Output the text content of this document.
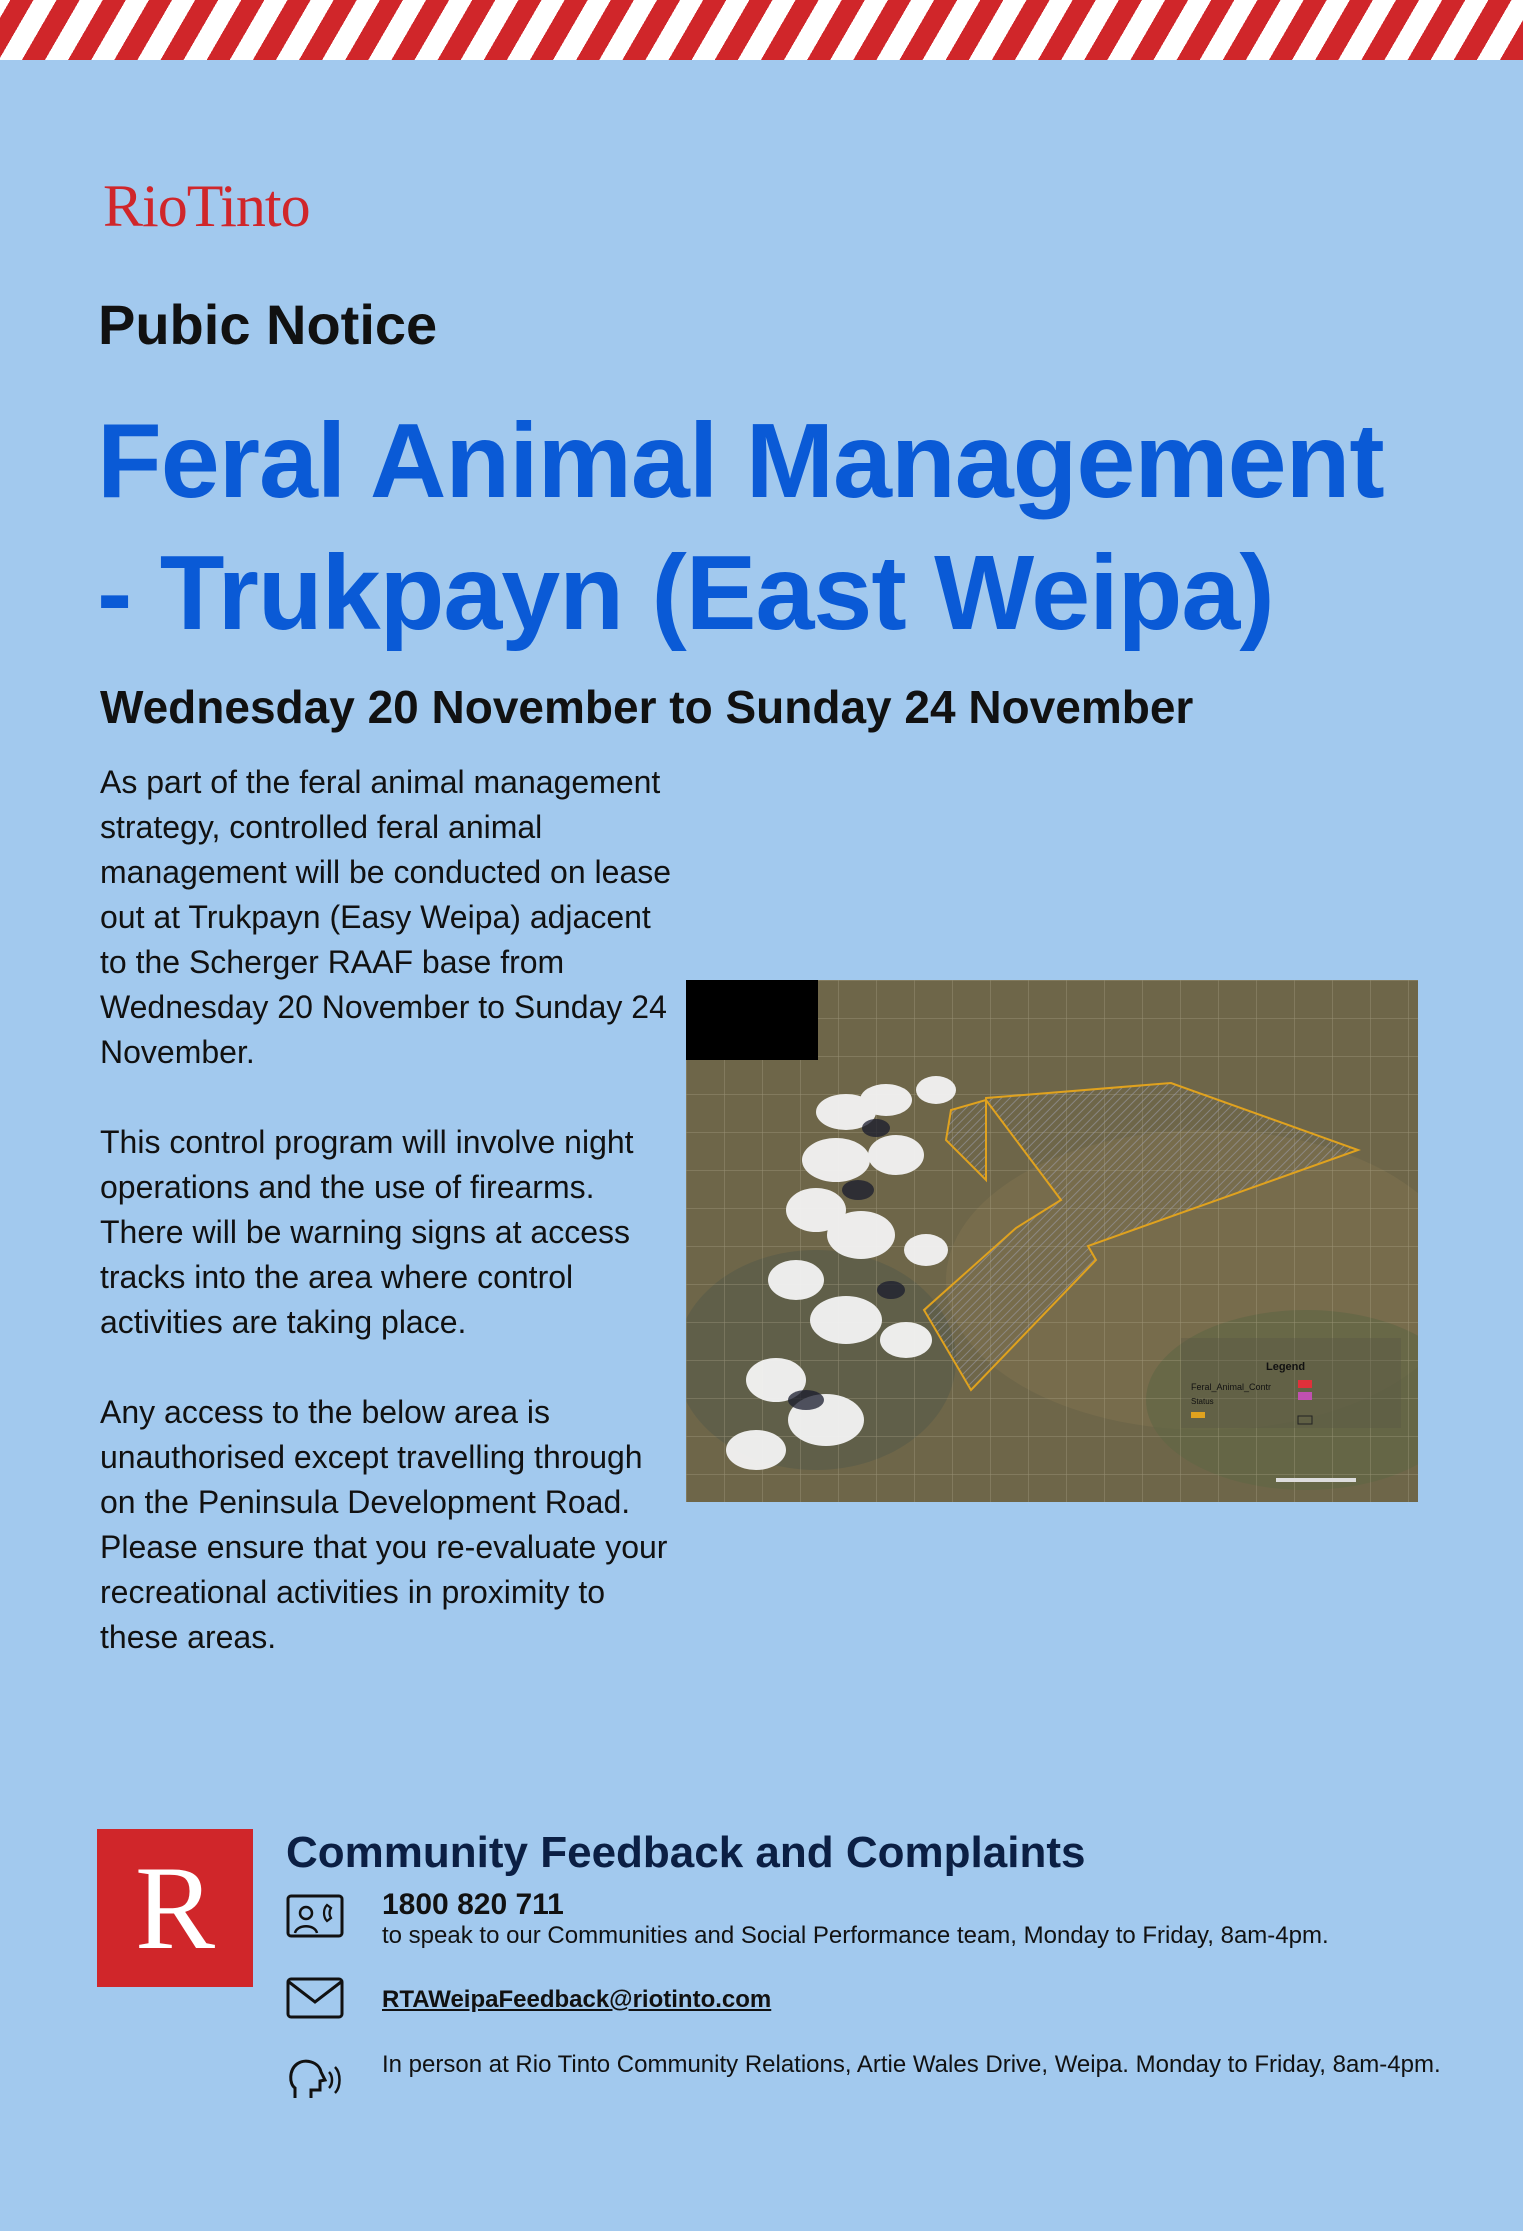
RioTinto
Pubic Notice
Feral Animal Management
- Trukpayn (East Weipa)
Wednesday 20 November to Sunday 24 November

As part of the feral animal management strategy, controlled feral animal management will be conducted on lease out at Trukpayn (Easy Weipa) adjacent to the Scherger RAAF base from Wednesday 20 November to Sunday 24 November.

This control program will involve night operations and the use of firearms. There will be warning signs at access tracks into the area where control activities are taking place.

Any access to the below area is unauthorised except travelling through on the Peninsula Development Road. Please ensure that you re-evaluate your recreational activities in proximity to these areas.

Legend
Feral_Animal_Contr
Status
R	Community Feedback and Complaints
1800 820 711
to speak to our Communities and Social Performance team, Monday to Friday, 8am-4pm.
RTAWeipaFeedback@riotinto.com
In person at Rio Tinto Community Relations, Artie Wales Drive, Weipa. Monday to Friday, 8am-4pm.
